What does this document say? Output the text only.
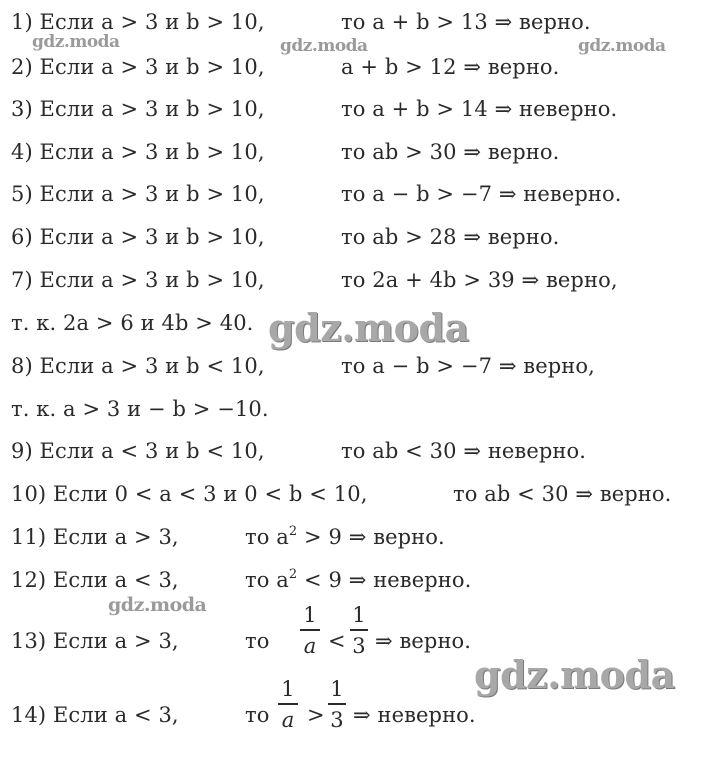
1) Если a > 3 и b > 10,	то a + b > 13 ⇒ верно.
2) Если a > 3 и b > 10,	a + b > 12 ⇒ верно.
3) Если a > 3 и b > 10,	то a + b > 14 ⇒ неверно.
4) Если a > 3 и b > 10,	то ab > 30 ⇒ верно.
5) Если a > 3 и b > 10,	то a − b > −7 ⇒ неверно.
6) Если a > 3 и b > 10,	то ab > 28 ⇒ верно.
7) Если a > 3 и b > 10,	то 2a + 4b > 39 ⇒ верно,
т. к. 2a > 6 и 4b > 40.
8) Если a > 3 и b < 10,	то a − b > −7 ⇒ верно,
т. к. a > 3 и − b > −10.
9) Если a < 3 и b < 10,	то ab < 30 ⇒ неверно.
10) Если 0 < a < 3 и 0 < b < 10,	то ab < 30 ⇒ верно.
11) Если a > 3,	то $a^2 > 9$ ⇒ верно.
12) Если a < 3,	то $a^2 < 9$ ⇒ неверно.
13) Если a > 3,	то
1
a <
1
3 ⇒ верно.
14) Если a < 3,	то
1
a >
1
3 ⇒ неверно.
gdz.moda	gdz.moda	gdz.moda
gdz.moda
gdz.moda
gdz.moda
